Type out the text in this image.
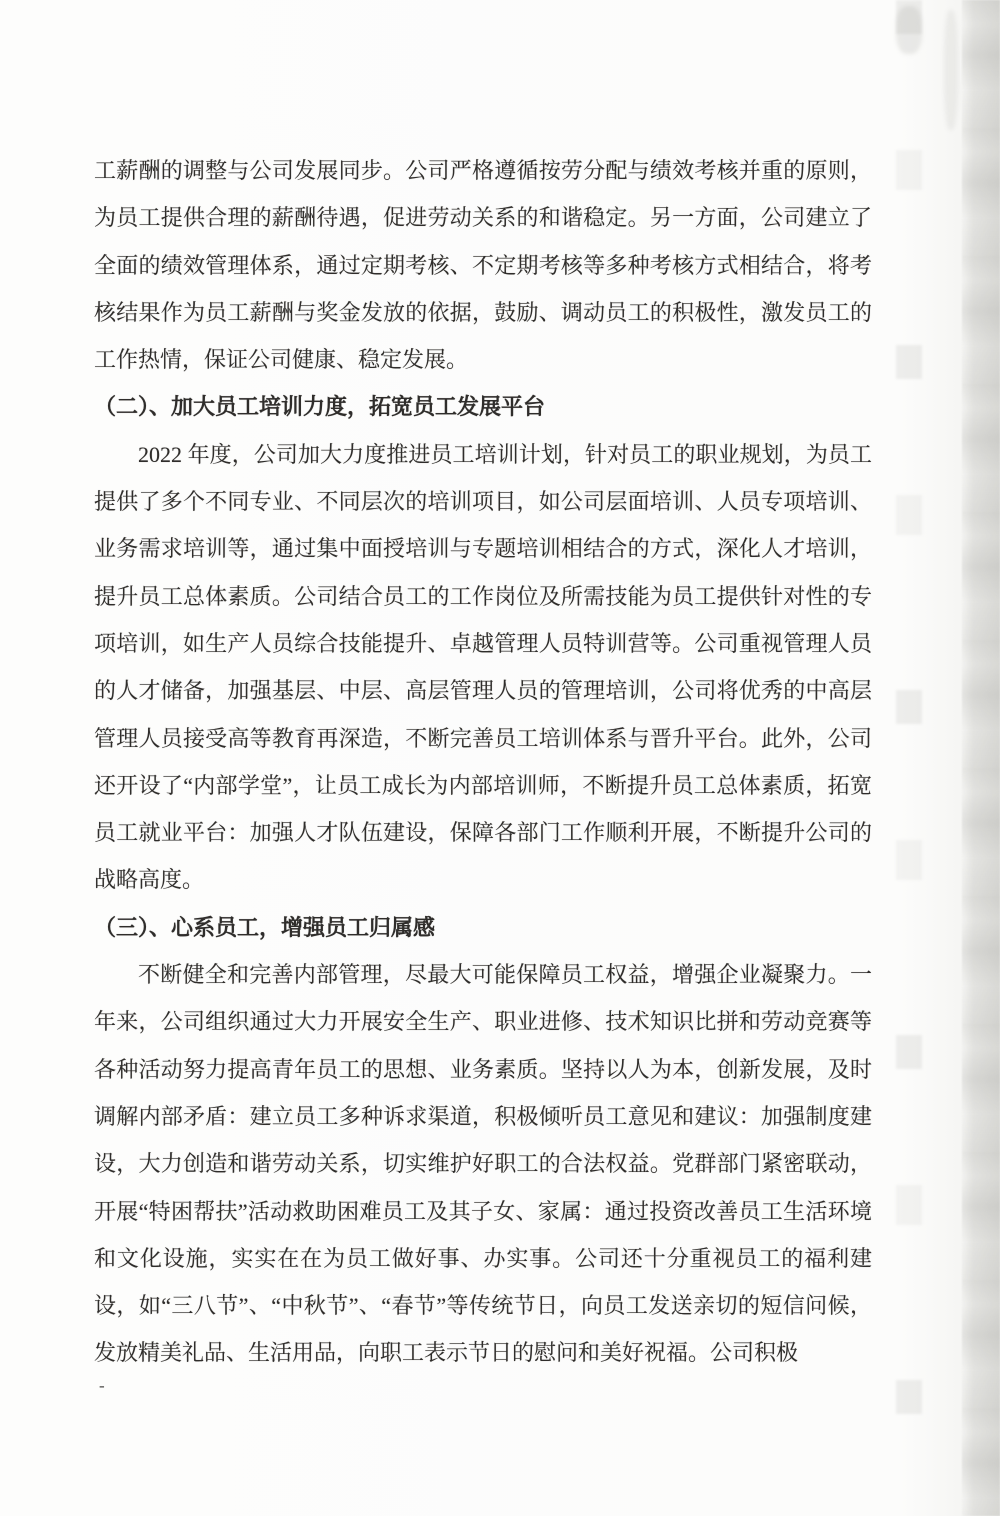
工薪酬的调整与公司发展同步。公司严格遵循按劳分配与绩效考核并重的原则，为员工提供合理的薪酬待遇，促进劳动关系的和谐稳定。另一方面，公司建立了全面的绩效管理体系，通过定期考核、不定期考核等多种考核方式相结合，将考核结果作为员工薪酬与奖金发放的依据，鼓励、调动员工的积极性，激发员工的工作热情，保证公司健康、稳定发展。

（二）、加大员工培训力度，拓宽员工发展平台

2022 年度，公司加大力度推进员工培训计划，针对员工的职业规划，为员工提供了多个不同专业、不同层次的培训项目，如公司层面培训、人员专项培训、业务需求培训等，通过集中面授培训与专题培训相结合的方式，深化人才培训，提升员工总体素质。公司结合员工的工作岗位及所需技能为员工提供针对性的专项培训，如生产人员综合技能提升、卓越管理人员特训营等。公司重视管理人员的人才储备，加强基层、中层、高层管理人员的管理培训，公司将优秀的中高层管理人员接受高等教育再深造，不断完善员工培训体系与晋升平台。此外，公司还开设了“内部学堂”，让员工成长为内部培训师，不断提升员工总体素质，拓宽员工就业平台：加强人才队伍建设，保障各部门工作顺利开展，不断提升公司的战略高度。

（三）、心系员工，增强员工归属感

不断健全和完善内部管理，尽最大可能保障员工权益，增强企业凝聚力。一年来，公司组织通过大力开展安全生产、职业进修、技术知识比拼和劳动竞赛等各种活动努力提高青年员工的思想、业务素质。坚持以人为本，创新发展，及时调解内部矛盾：建立员工多种诉求渠道，积极倾听员工意见和建议：加强制度建设，大力创造和谐劳动关系，切实维护好职工的合法权益。党群部门紧密联动，开展“特困帮扶”活动救助困难员工及其子女、家属：通过投资改善员工生活环境和文化设施，实实在在为员工做好事、办实事。公司还十分重视员工的福利建设，如“三八节”、“中秋节”、“春节”等传统节日，向员工发送亲切的短信问候，发放精美礼品、生活用品，向职工表示节日的慰问和美好祝福。公司积极

-
